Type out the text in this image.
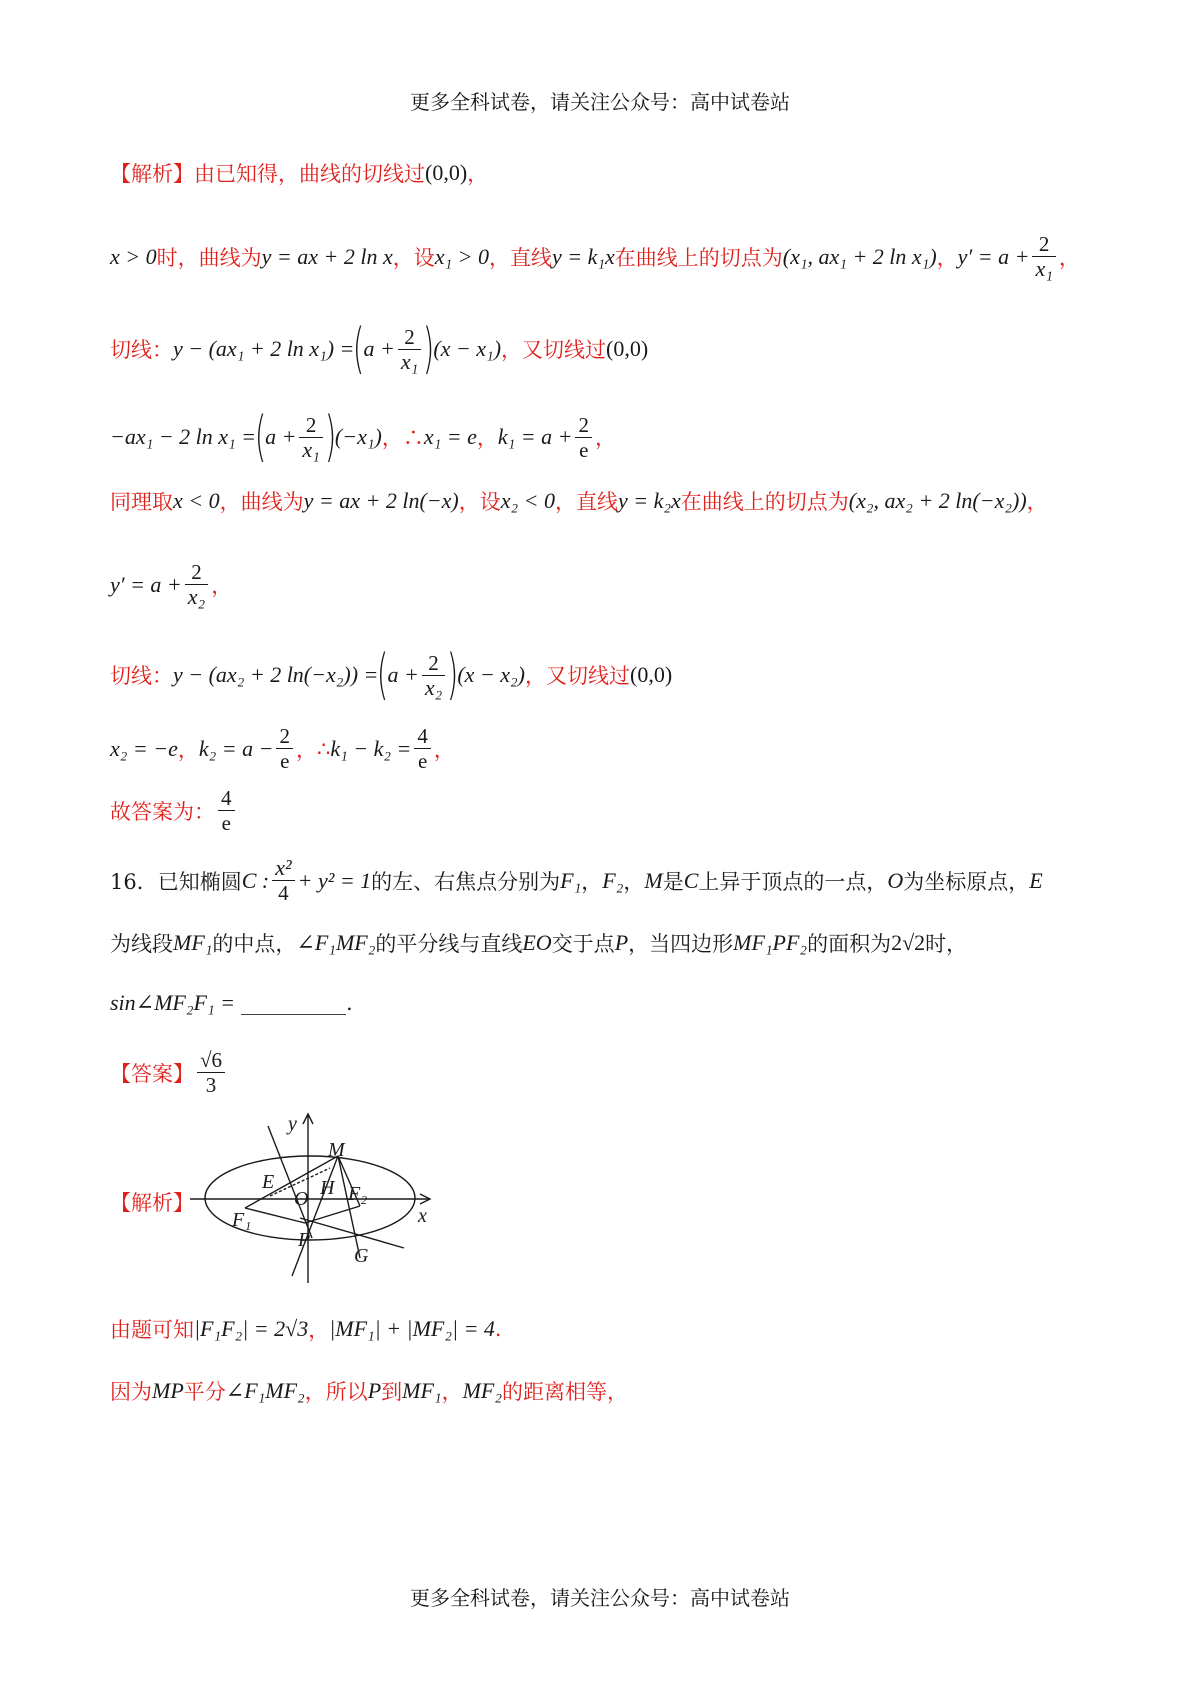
更多全科试卷，请关注公众号：高中试卷站
【解析】 由已知得，曲线的切线过 (0,0) ，
x > 0 时，曲线为 y = ax + 2 ln x ，设 x₁ > 0 ，直线 y = k₁x 在曲线上的切点为 (x₁, ax₁ + 2 ln x₁) ， $y' = a + \frac{2}{\text{x₁}}$ ，
切线： y − (ax₁ + 2 ln x₁) =
(
$a + \frac{2}{\text{x₁}}$ )
(x − x₁) ，又切线过 (0,0)
−ax₁ − 2 ln x₁ =
(
$a + \frac{2}{\text{x₁}}$ )
(−x₁) ，∴ x₁ = e ， $k_1 = a + \frac{2}{e}$ ，
同理取 x < 0 ，曲线为 y = ax + 2 ln(−x) ，设 x₂ < 0 ，直线 y = k₂x 在曲线上的切点为 (x₂, ax₂ + 2 ln(−x₂)) ，
$y' = a + \frac{2}{\text{x₂}}$ ，
切线： y − (ax₂ + 2 ln(−x₂)) =
(
$a + \frac{2}{\text{x₂}}$ )
(x − x₂) ，又切线过 (0,0)
x₂ = −e ， $k_2 = a - \frac{2}{e}$ ， ∴ $k_1 - k_2 = \frac{4}{e}$ ，
故答案为： $\frac{4}{e}$
16．已知椭圆 C : $\frac{\text{x²}}{4} + y^2 = 1$ 的左、右焦点分别为 F₁ ， F₂ ， M 是 C 上异于顶点的一点， O 为坐标原点， E
为线段 MF₁ 的中点， ∠F₁MF₂ 的平分线与直线 EO 交于点 P ，当四边形 MF₁PF₂ 的面积为 2√2 时，
sin∠MF₂F₁ = __________.
【答案】 $\frac{√6}{3}$
【解析】
y
M
E H
O F₂
x
F₁
P
G
由题可知 |F₁F₂| = 2√3 ， |MF₁| + |MF₂| = 4 .
因为 MP 平分 ∠F₁MF₂ ，所以 P 到 MF₁ ， MF₂ 的距离相等，
更多全科试卷，请关注公众号：高中试卷站
